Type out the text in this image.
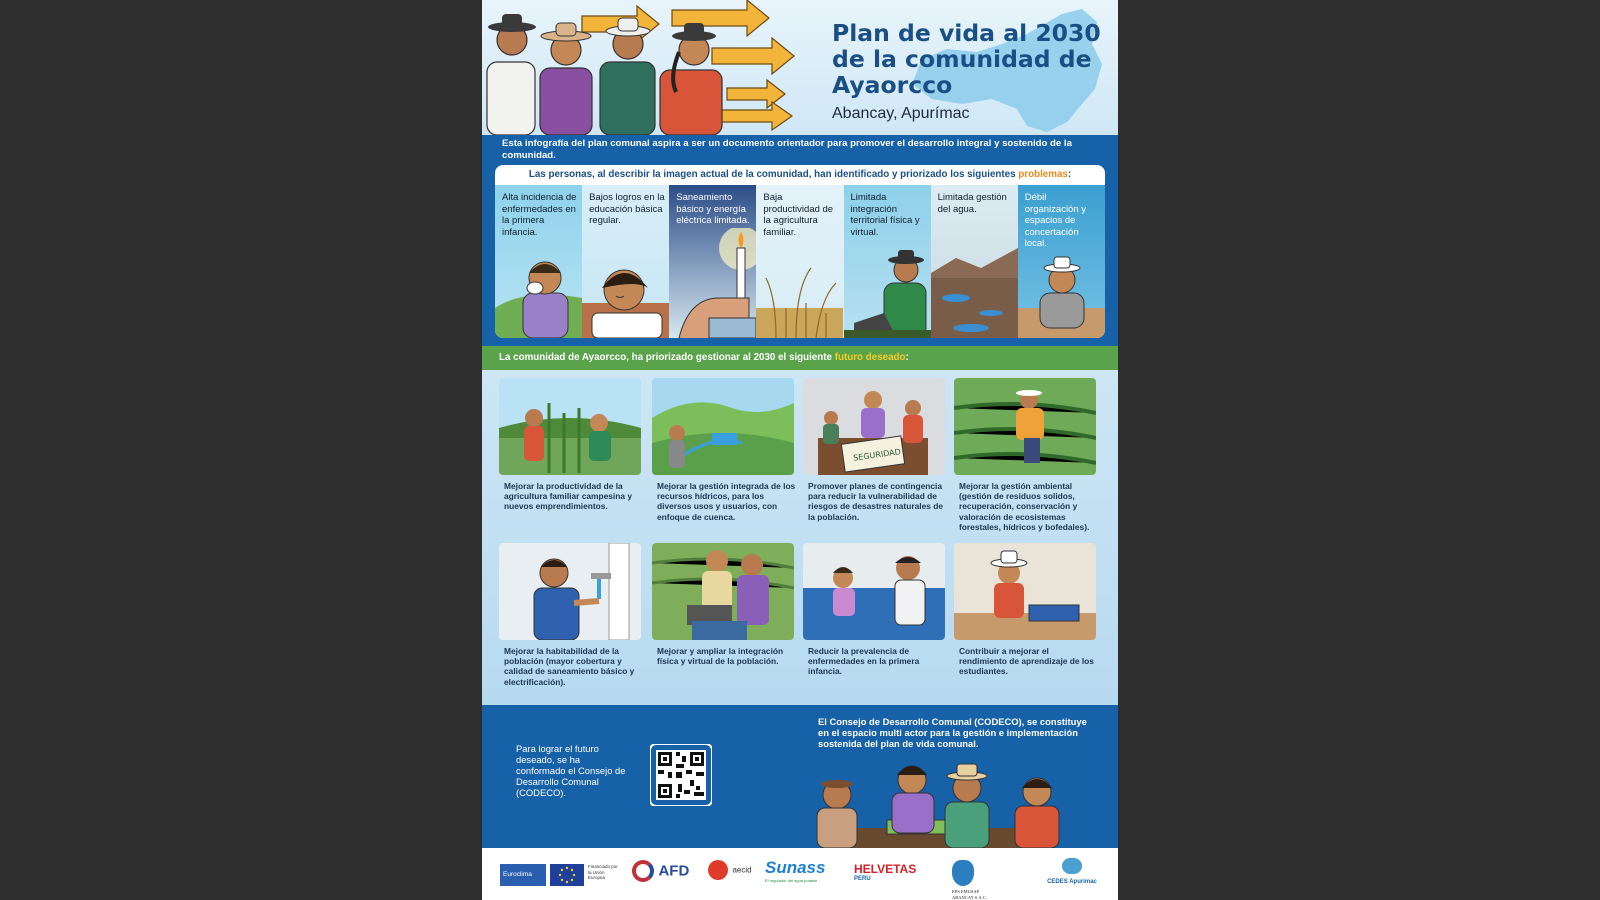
Plan de vida al 2030 de la comunidad de Ayaorcco
Abancay, Apurímac
Esta infografía del plan comunal aspira a ser un documento orientador para promover el desarrollo integral y sostenido de la comunidad.
Las personas, al describir la imagen actual de la comunidad, han identificado y priorizado los siguientes problemas:
Alta incidencia de enfermedades en la primera infancia.
Bajos logros en la educación básica regular.
Saneamiento básico y energía eléctrica limitada.
Baja productividad de la agricultura familiar.
Limitada integración territorial física y virtual.
Limitada gestión del agua.
Débil organización y espacios de concertación local.
La comunidad de Ayaorcco, ha priorizado gestionar al 2030 el siguiente futuro deseado:
Mejorar la productividad de la agricultura familiar campesina y nuevos emprendimientos.
Mejorar la gestión integrada de los recursos hídricos, para los diversos usos y usuarios, con enfoque de cuenca.
SEGURIDAD
Promover planes de contingencia para reducir la vulnerabilidad de riesgos de desastres naturales de la población.
Mejorar la gestión ambiental (gestión de residuos solidos, recuperación, conservación y valoración de ecosistemas forestales, hídricos y bofedales).
Mejorar la habitabilidad de la población (mayor cobertura y calidad de saneamiento básico y electrificación).
Mejorar y ampliar la integración física y virtual de la población.
Reducir la prevalencia de enfermedades en la primera infancia.
Contribuir a mejorar el rendimiento de aprendizaje de los estudiantes.
Para lograr el futuro deseado, se ha conformado el Consejo de Desarrollo Comunal (CODECO).
El Consejo de Desarrollo Comunal (CODECO), se constituye en el espacio multi actor para la gestión e implementación sostenida del plan de vida comunal.
Euroclima
Financiado por la Unión Europea	AFD	aecid Sunass
El regulador del agua potable
HELVETAS
PERU
EPS EMUSAP ABANCAY S.A.C.
CEDES Apurimac
